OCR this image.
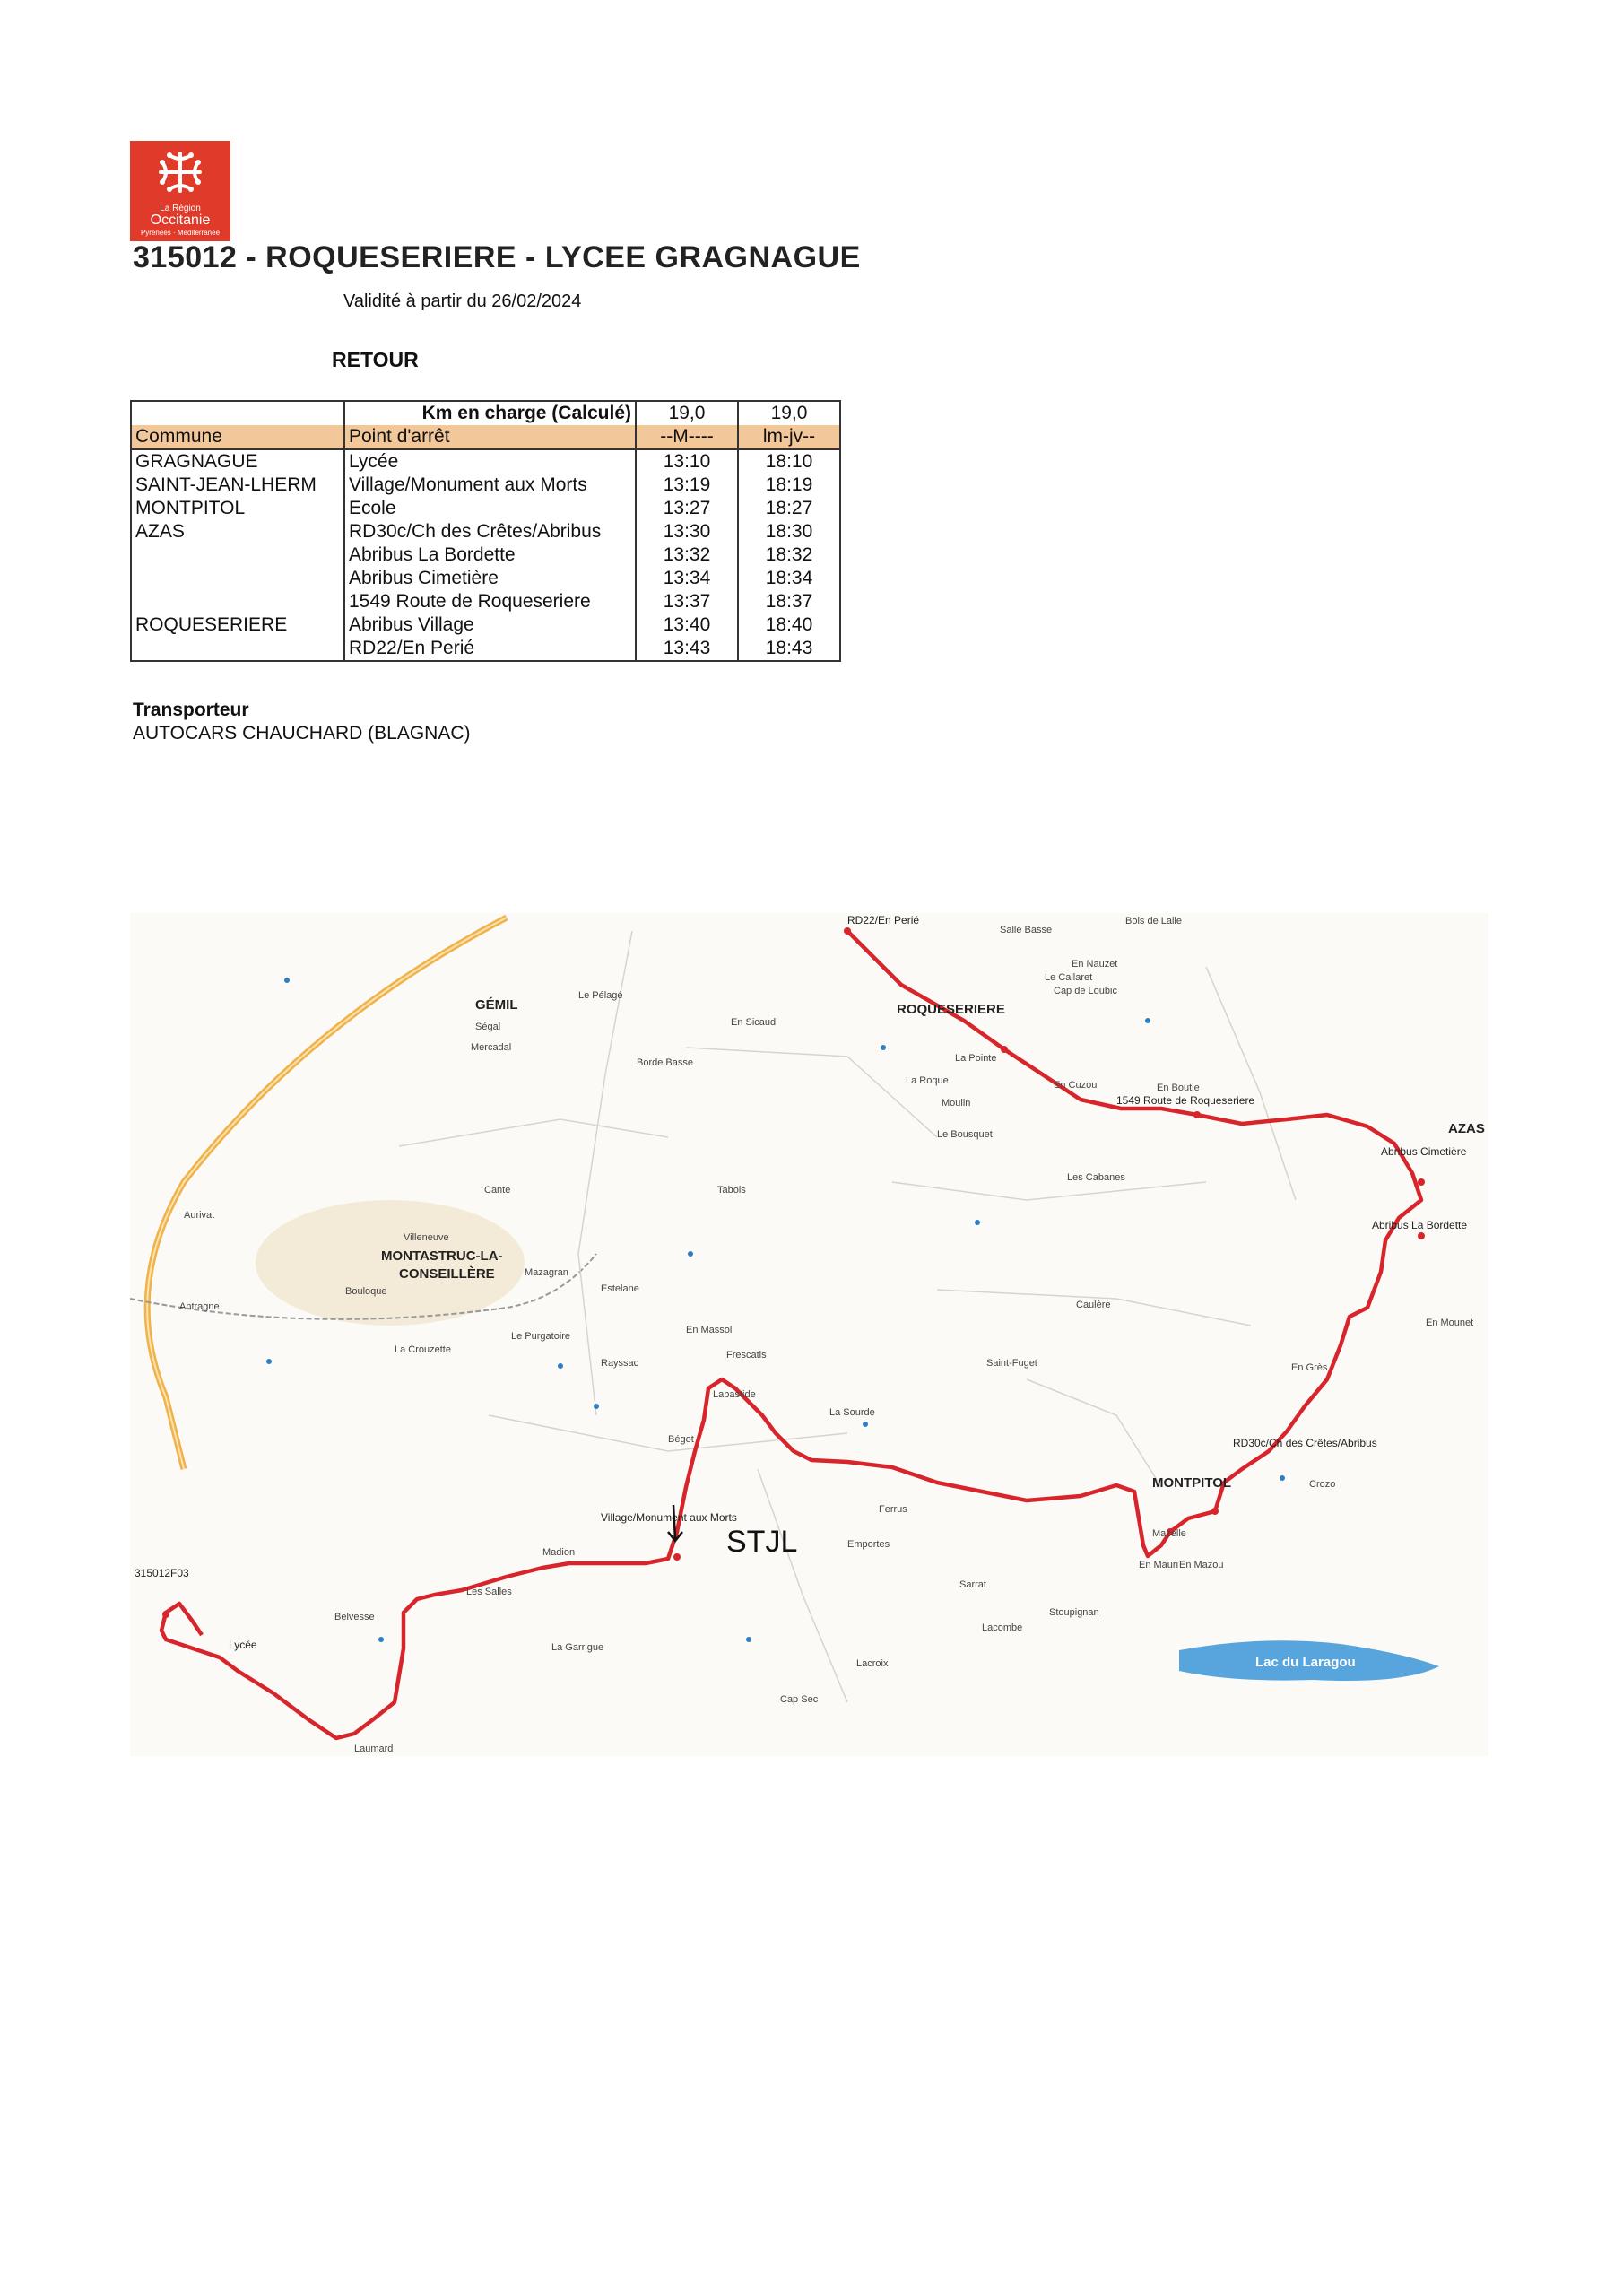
La Région
Occitanie
Pyrénées · Méditerranée
315012 - ROQUESERIERE - LYCEE GRAGNAGUE
Validité à partir du 26/02/2024
RETOUR
	Km en charge (Calculé)	19,0	19,0
Commune	Point d'arrêt	--M----	lm-jv--
GRAGNAGUE	Lycée	13:10	18:10
SAINT-JEAN-LHERM	Village/Monument aux Morts	13:19	18:19
MONTPITOL	Ecole	13:27	18:27
AZAS	RD30c/Ch des Crêtes/Abribus	13:30	18:30
	Abribus La Bordette	13:32	18:32
	Abribus Cimetière	13:34	18:34
	1549 Route de Roqueseriere	13:37	18:37
ROQUESERIERE	Abribus Village	13:40	18:40
	RD22/En Perié	13:43	18:43
Transporteur
AUTOCARS CHAUCHARD (BLAGNAC)
GÉMIL
MONTASTRUC-LA-
CONSEILLÈRE
ROQUESERIERE
AZAS
MONTPITOL
Lac du Laragou
RD22/En Perié
Abribus Cimetière
Abribus La Bordette
RD30c/Ch des Crêtes/Abribus
1549 Route de Roqueseriere
Village/Monument aux Morts
Lycée
315012F03
STJL
Ségal
Mercadal
Le Pélagé
En Sicaud
Borde Basse
Cante	Tabois
Villeneuve
Estelane
Mazagran
En Massol
Frescatis
Labastide
Bégot
Les Salles
Madion
La Garrigue
Belvesse
Laumard
Aurivat
Antragne
Bouloque
La Crouzette
Le Purgatoire
Rayssac	Saint-Fuget
En Mazou
Lacombe
Cap Sec
Lacroix
Emportes
Sarrat
Stoupignan
Ferrus
En Grès
Les Cabanes
Caulère
La Sourde
Mazelle
En Mauri
Crozo
Moulin
En Mounet
En Boutie
Salle Basse
Cap de Loubic
En Nauzet
Le Callaret
La Pointe
La Roque
Le Bousquet
En Cuzou
Bois de Lalle
